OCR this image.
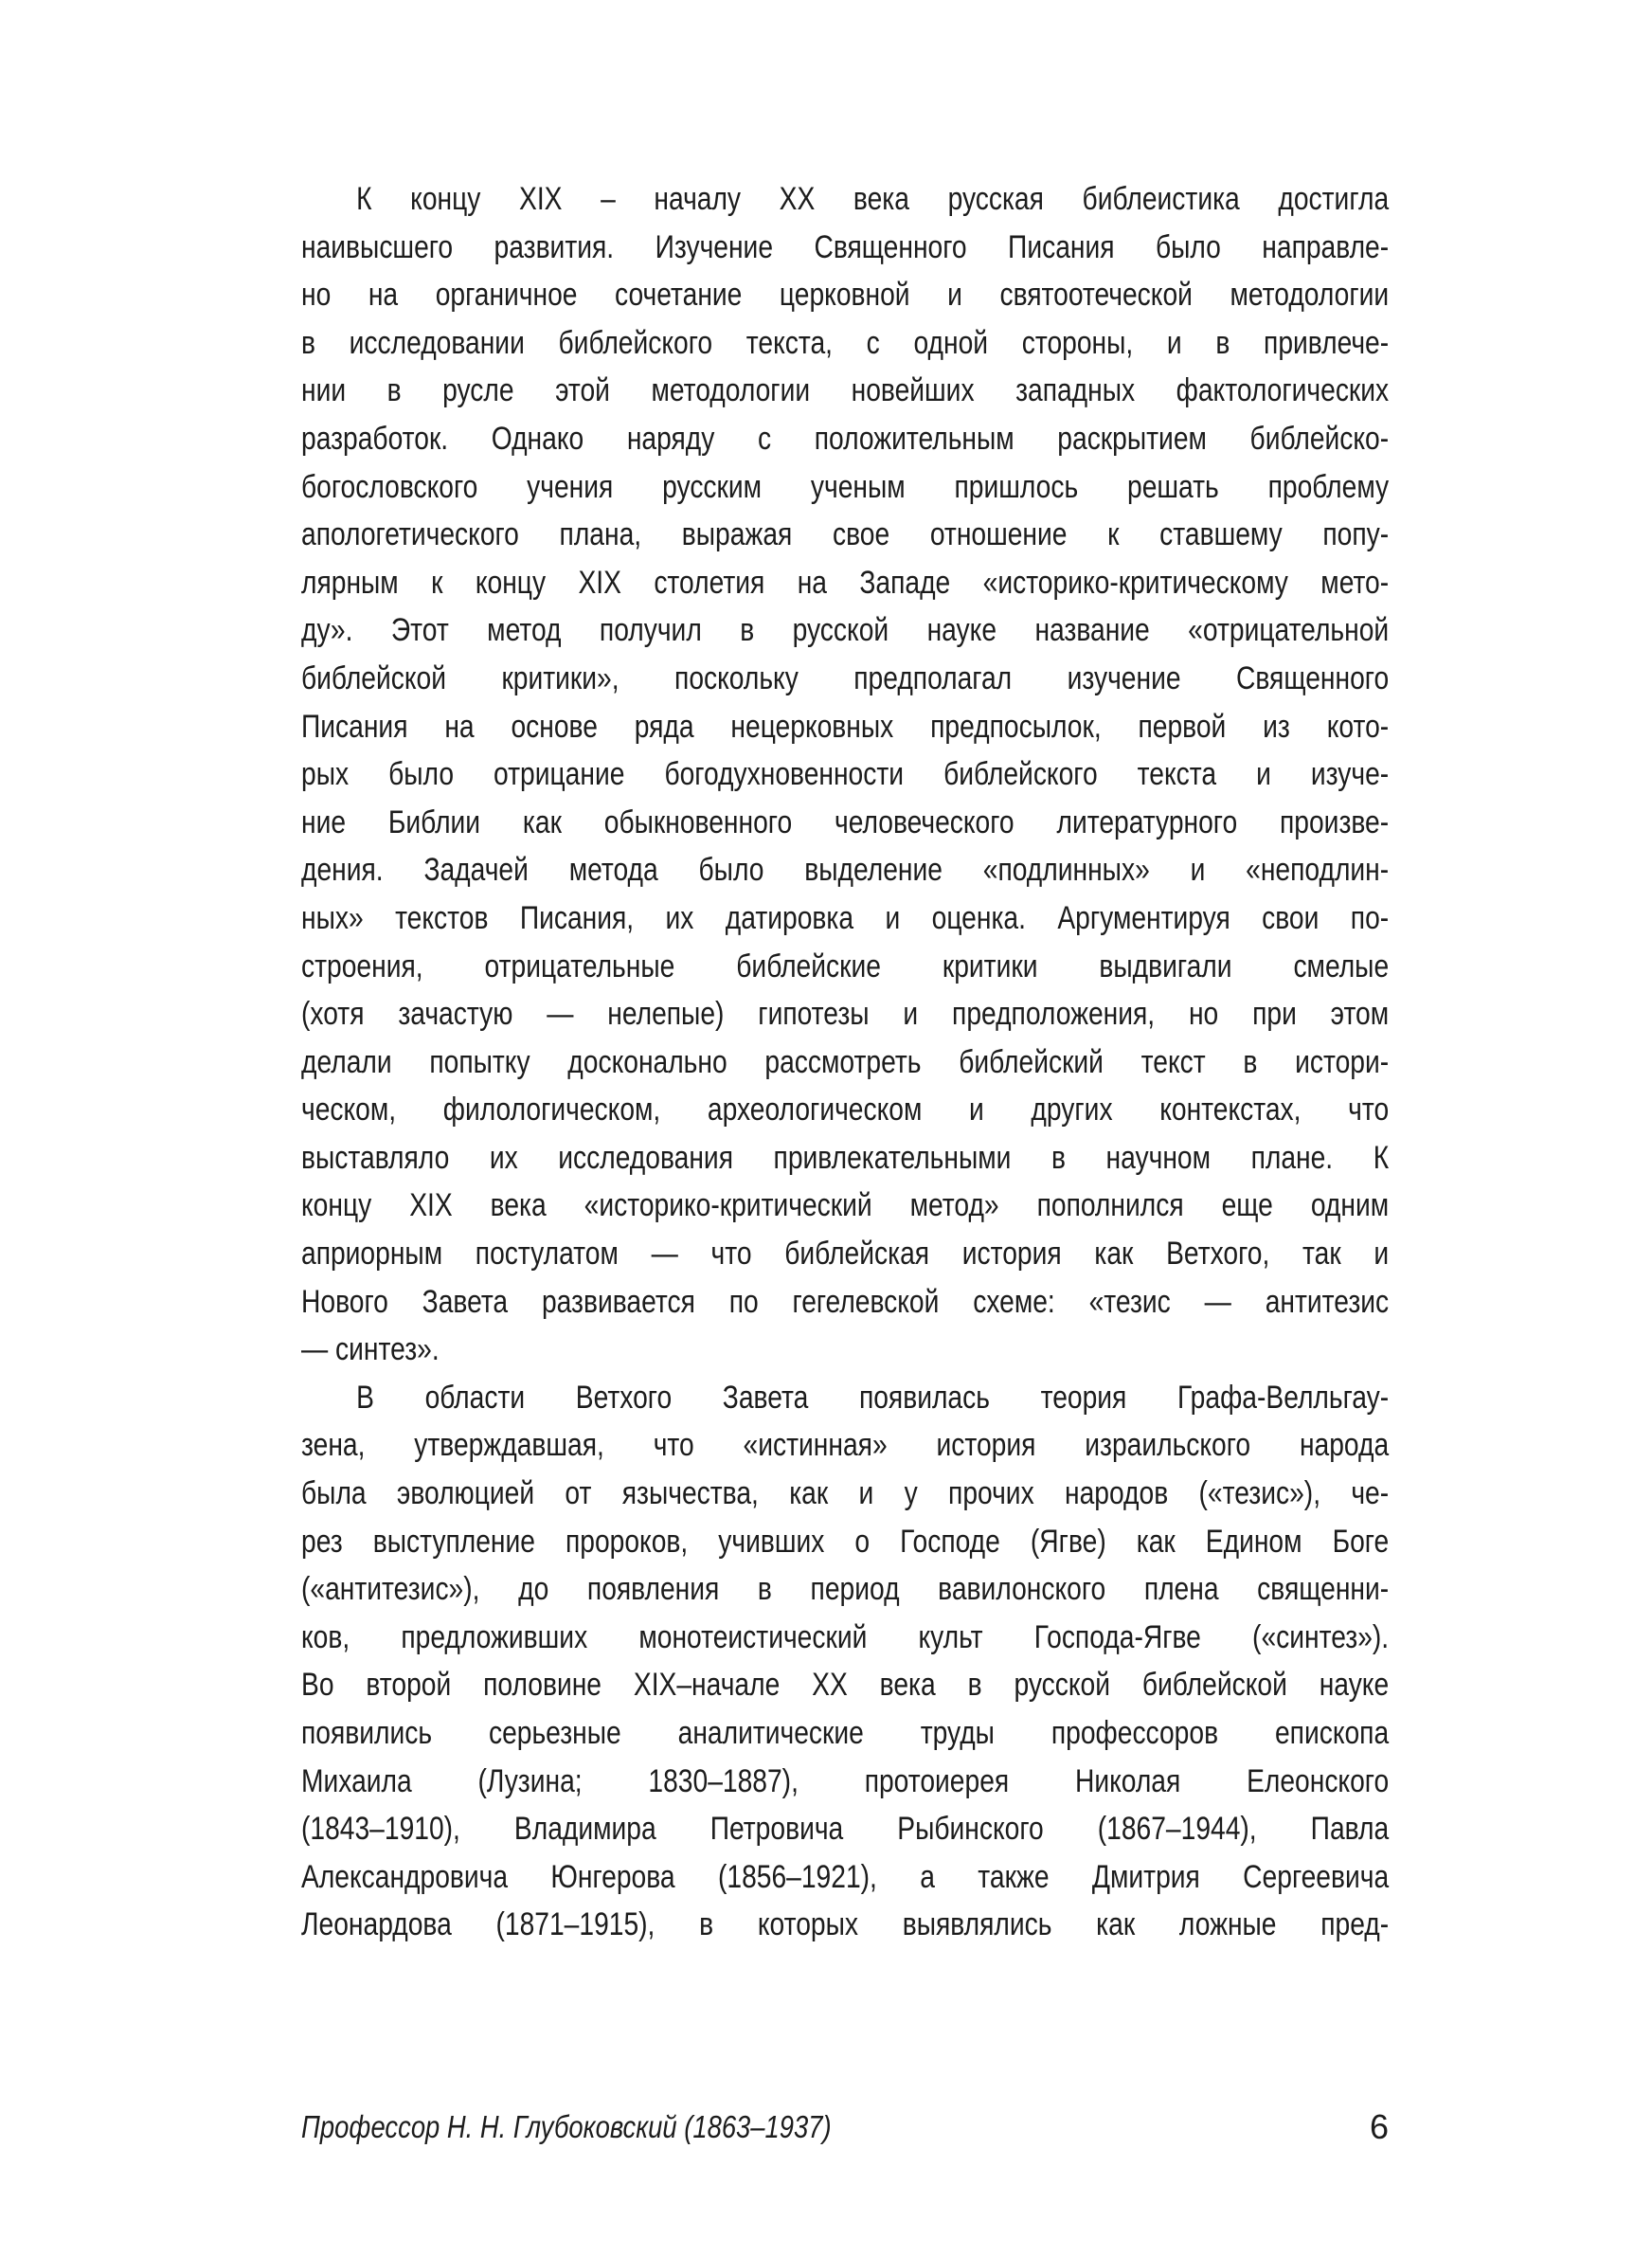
К концу XIX – началу XX века русская библеистика достигла
наивысшего развития. Изучение Священного Писания было направле-
но на органичное сочетание церковной и святоотеческой методологии
в исследовании библейского текста, с одной стороны, и в привлече-
нии в русле этой методологии новейших западных фактологических
разработок. Однако наряду с положительным раскрытием библейско-
богословского учения русским ученым пришлось решать проблему
апологетического плана, выражая свое отношение к ставшему попу-
лярным к концу XIX столетия на Западе «историко-критическому мето-
ду». Этот метод получил в русской науке название «отрицательной
библейской критики», поскольку предполагал изучение Священного
Писания на основе ряда нецерковных предпосылок, первой из кото-
рых было отрицание богодухновенности библейского текста и изуче-
ние Библии как обыкновенного человеческого литературного произве-
дения. Задачей метода было выделение «подлинных» и «неподлин-
ных» текстов Писания, их датировка и оценка. Аргументируя свои по-
строения, отрицательные библейские критики выдвигали смелые
(хотя зачастую — нелепые) гипотезы и предположения, но при этом
делали попытку досконально рассмотреть библейский текст в истори-
ческом, филологическом, археологическом и других контекстах, что
выставляло их исследования привлекательными в научном плане. К
концу XIX века «историко-критический метод» пополнился еще одним
априорным постулатом — что библейская история как Ветхого, так и
Нового Завета развивается по гегелевской схеме: «тезис — антитезис
— синтез».
В области Ветхого Завета появилась теория Графа-Велльгау-
зена, утверждавшая, что «истинная» история израильского народа
была эволюцией от язычества, как и у прочих народов («тезис»), че-
рез выступление пророков, учивших о Господе (Ягве) как Едином Боге
(«антитезис»), до появления в период вавилонского плена священни-
ков, предложивших монотеистический культ Господа-Ягве («синтез»).
Во второй половине XIX–начале XX века в русской библейской науке
появились серьезные аналитические труды профессоров епископа
Михаила (Лузина; 1830–1887), протоиерея Николая Елеонского
(1843–1910), Владимира Петровича Рыбинского (1867–1944), Павла
Александровича Юнгерова (1856–1921), а также Дмитрия Сергеевича
Леонардова (1871–1915), в которых выявлялись как ложные пред-
Профессор Н. Н. Глубоковский (1863–1937)	6
